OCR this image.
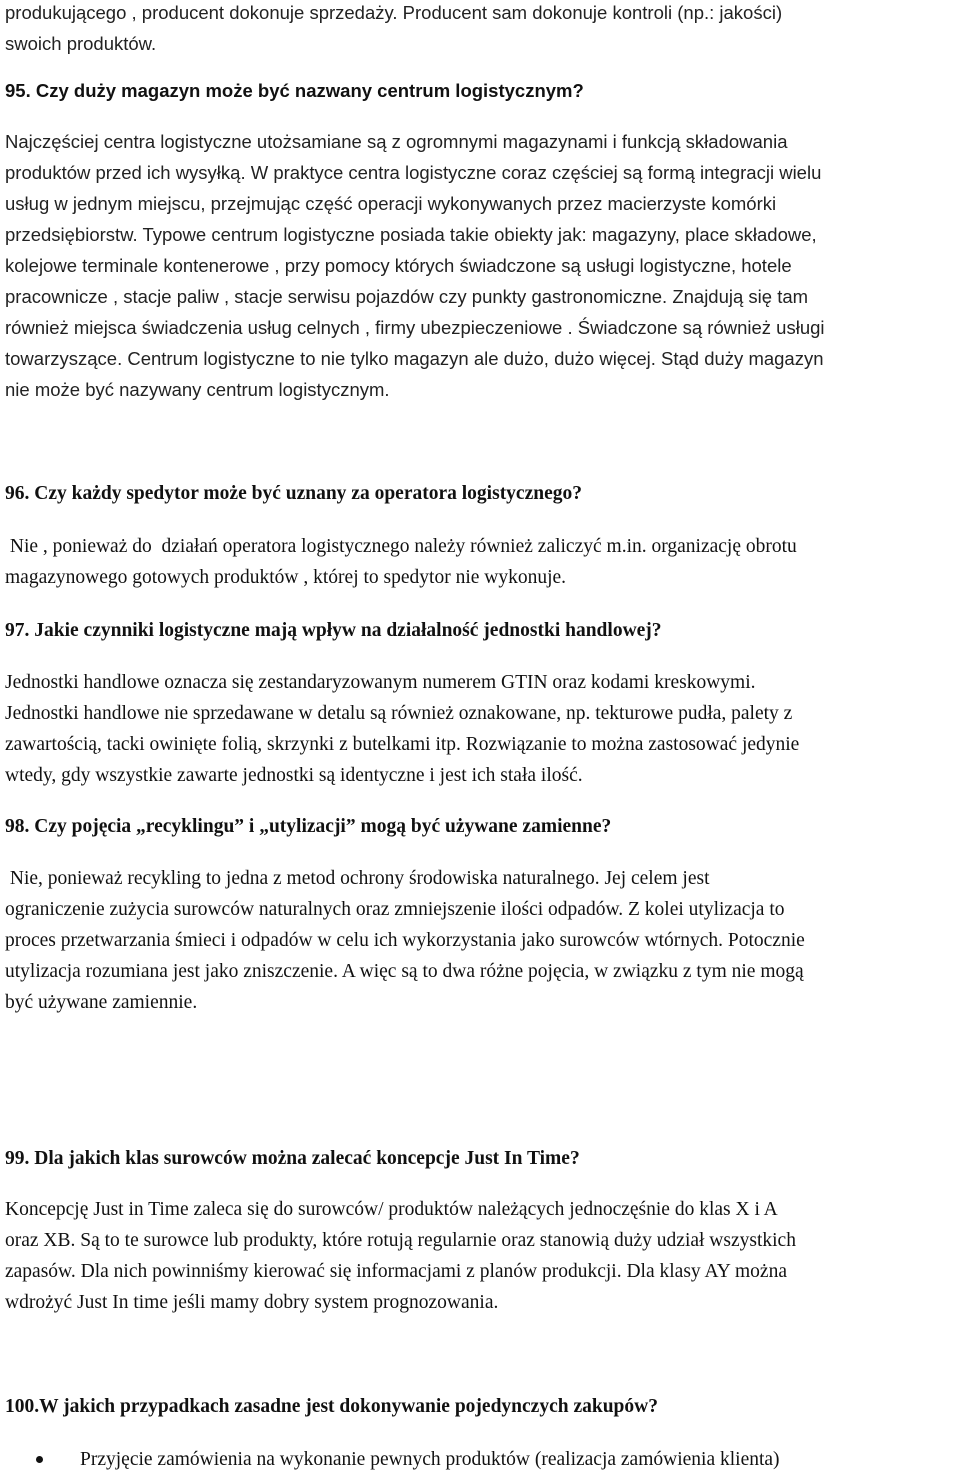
produkującego , producent dokonuje sprzedaży. Producent sam dokonuje kontroli (np.: jakości)
swoich produktów.
95. Czy duży magazyn może być nazwany centrum logistycznym?
Najczęściej centra logistyczne utożsamiane są z ogromnymi magazynami i funkcją składowania
produktów przed ich wysyłką. W praktyce centra logistyczne coraz częściej są formą integracji wielu
usług w jednym miejscu, przejmując część operacji wykonywanych przez macierzyste komórki
przedsiębiorstw. Typowe centrum logistyczne posiada takie obiekty jak: magazyny, place składowe,
kolejowe terminale kontenerowe , przy pomocy których świadczone są usługi logistyczne, hotele
pracownicze , stacje paliw , stacje serwisu pojazdów czy punkty gastronomiczne. Znajdują się tam
również miejsca świadczenia usług celnych , firmy ubezpieczeniowe . Świadczone są również usługi
towarzyszące. Centrum logistyczne to nie tylko magazyn ale dużo, dużo więcej. Stąd duży magazyn
nie może być nazywany centrum logistycznym.
96. Czy każdy spedytor może być uznany za operatora logistycznego?
Nie , ponieważ do  działań operatora logistycznego należy również zaliczyć m.in. organizację obrotu
magazynowego gotowych produktów , której to spedytor nie wykonuje.
97. Jakie czynniki logistyczne mają wpływ na działalność jednostki handlowej?
Jednostki handlowe oznacza się zestandaryzowanym numerem GTIN oraz kodami kreskowymi.
Jednostki handlowe nie sprzedawane w detalu są również oznakowane, np. tekturowe pudła, palety z
zawartością, tacki owinięte folią, skrzynki z butelkami itp. Rozwiązanie to można zastosować jedynie
wtedy, gdy wszystkie zawarte jednostki są identyczne i jest ich stała ilość.
98. Czy pojęcia „recyklingu” i „utylizacji” mogą być używane zamienne?
Nie, ponieważ recykling to jedna z metod ochrony środowiska naturalnego. Jej celem jest
ograniczenie zużycia surowców naturalnych oraz zmniejszenie ilości odpadów. Z kolei utylizacja to
proces przetwarzania śmieci i odpadów w celu ich wykorzystania jako surowców wtórnych. Potocznie
utylizacja rozumiana jest jako zniszczenie. A więc są to dwa różne pojęcia, w związku z tym nie mogą
być używane zamiennie.
99. Dla jakich klas surowców można zalecać koncepcje Just In Time?
Koncepcję Just in Time zaleca się do surowców/ produktów należących jednoczęśnie do klas X i A
oraz XB. Są to te surowce lub produkty, które rotują regularnie oraz stanowią duży udział wszystkich
zapasów. Dla nich powinniśmy kierować się informacjami z planów produkcji. Dla klasy AY można
wdrożyć Just In time jeśli mamy dobry system prognozowania.
100.W jakich przypadkach zasadne jest dokonywanie pojedynczych zakupów?
Przyjęcie zamówienia na wykonanie pewnych produktów (realizacja zamówienia klienta)
